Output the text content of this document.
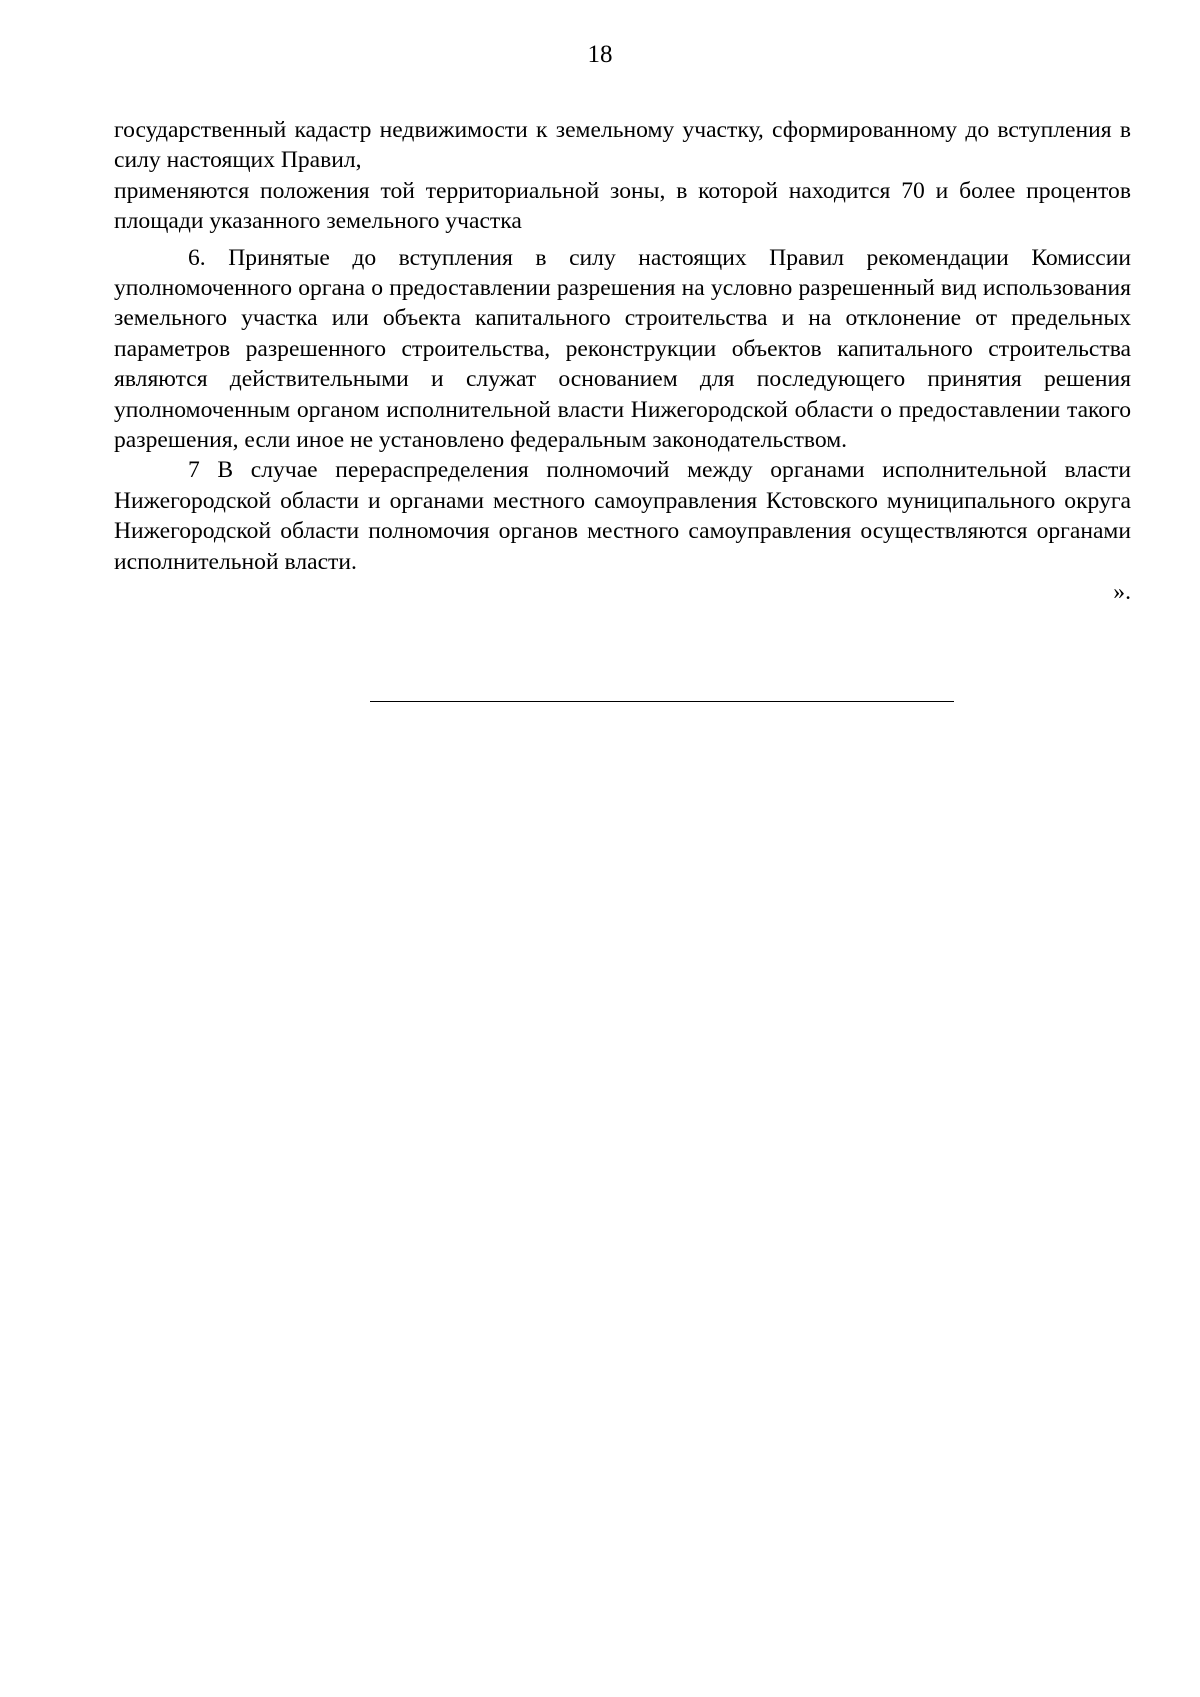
18

государственный кадастр недвижимости к земельному участку, сформированному до вступления в силу настоящих Правил,

применяются положения той территориальной зоны, в которой находится 70 и более процентов площади указанного земельного участка

6. Принятые до вступления в силу настоящих Правил рекомендации Комиссии уполномоченного органа о предоставлении разрешения на условно разрешенный вид использования земельного участка или объекта капитального строительства и на отклонение от предельных параметров разрешенного строительства, реконструкции объектов капитального строительства являются действительными и служат основанием для последующего принятия решения уполномоченным органом исполнительной власти Нижегородской области о предоставлении такого разрешения, если иное не установлено федеральным законодательством.

7 В случае перераспределения полномочий между органами исполнительной власти Нижегородской области и органами местного самоуправления Кстовского муниципального округа Нижегородской области полномочия органов местного самоуправления осуществляются органами исполнительной власти.

».
